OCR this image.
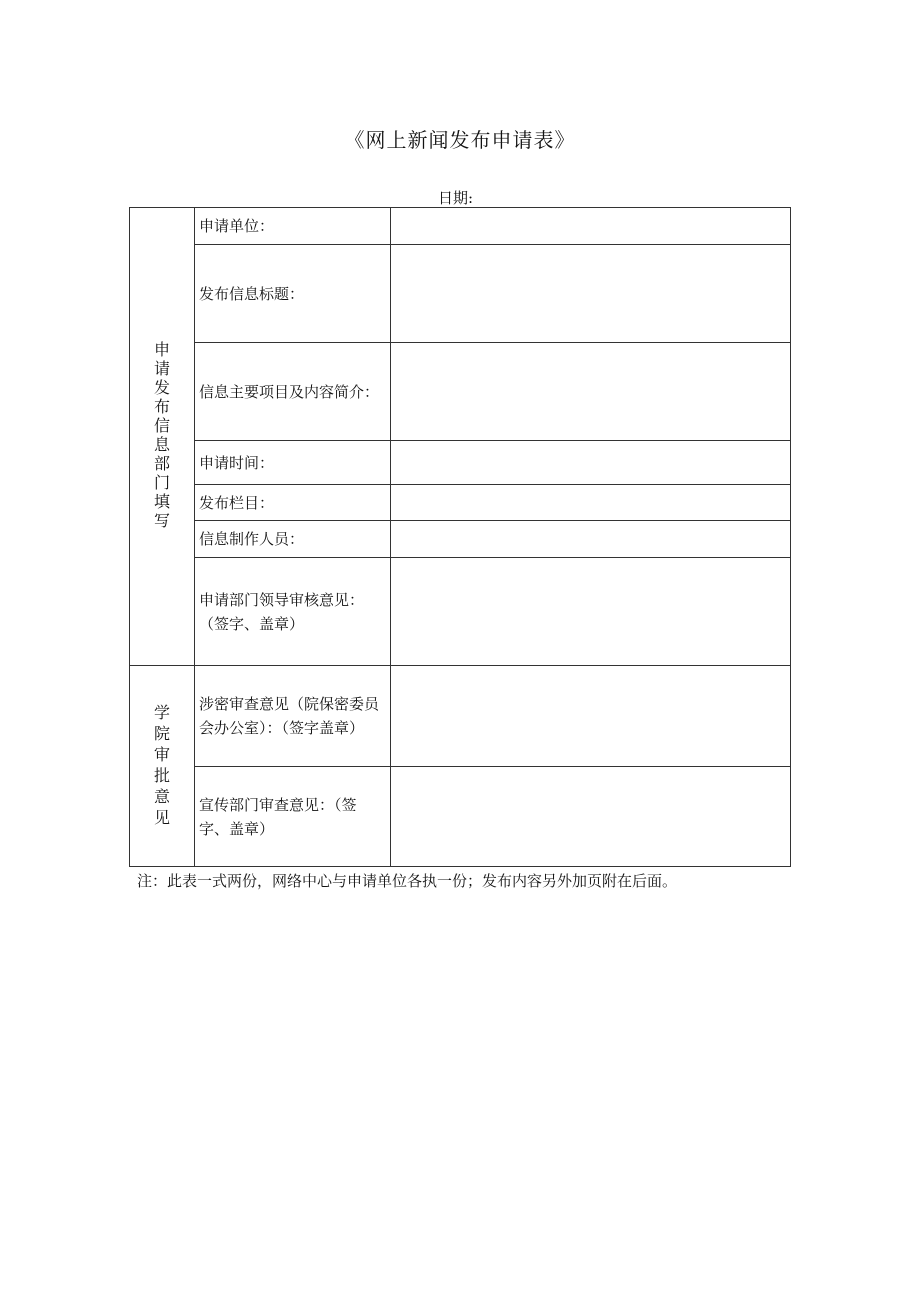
《网上新闻发布申请表》
日期:
申请发布信息部门填写	申请单位：	
	发布信息标题：	
	信息主要项目及内容简介：	
	申请时间：	
	发布栏目：	
	信息制作人员：	
	申请部门领导审核意见：（签字、盖章）	
学院审批意见	涉密审查意见（院保密委员会办公室）：（签字盖章）	
	宣传部门审查意见：（签字、盖章）	
注：此表一式两份，网络中心与申请单位各执一份；发布内容另外加页附在后面。
